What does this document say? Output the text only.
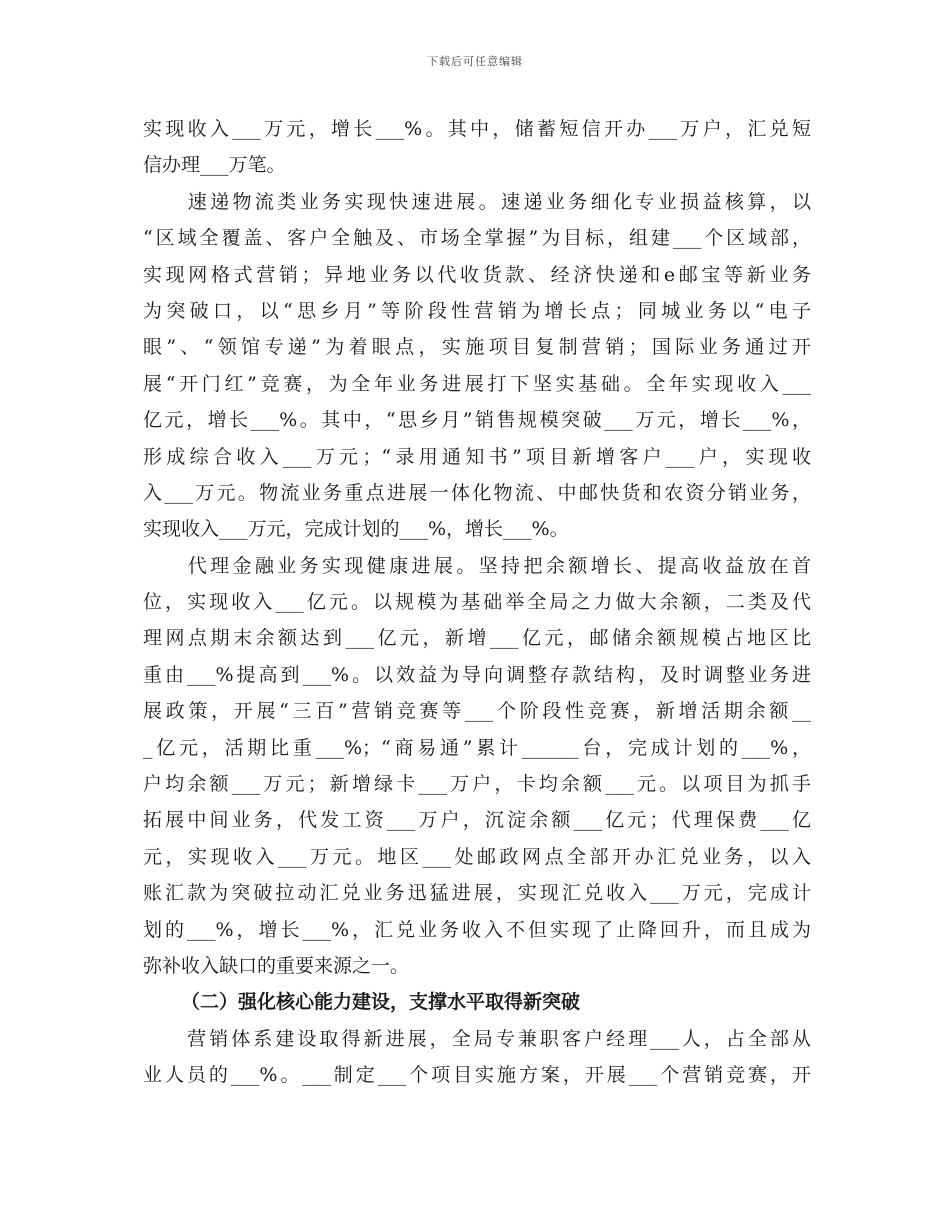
下载后可任意编辑
实现收入___万元，增长___%。其中，储蓄短信开办___万户，汇兑短
信办理___万笔。
　　速递物流类业务实现快速进展。速递业务细化专业损益核算，以
“区域全覆盖、客户全触及、市场全掌握”为目标，组建___个区域部，
实现网格式营销；异地业务以代收货款、经济快递和e邮宝等新业务
为突破口，以“思乡月”等阶段性营销为增长点；同城业务以“电子
眼”、“领馆专递”为着眼点，实施项目复制营销；国际业务通过开
展“开门红”竞赛，为全年业务进展打下坚实基础。全年实现收入___
亿元，增长___%。其中，“思乡月”销售规模突破___万元，增长___%，
形成综合收入___万元；“录用通知书”项目新增客户___户，实现收
入___万元。物流业务重点进展一体化物流、中邮快货和农资分销业务，
实现收入___万元，完成计划的___%，增长___%。
　　代理金融业务实现健康进展。坚持把余额增长、提高收益放在首
位，实现收入___亿元。以规模为基础举全局之力做大余额，二类及代
理网点期末余额达到___亿元，新增___亿元，邮储余额规模占地区比
重由___%提高到___%。以效益为导向调整存款结构，及时调整业务进
展政策，开展“三百”营销竞赛等___个阶段性竞赛，新增活期余额__
_亿元，活期比重___%；“商易通”累计______台，完成计划的___%，
户均余额___万元；新增绿卡___万户，卡均余额___元。以项目为抓手
拓展中间业务，代发工资___万户，沉淀余额___亿元；代理保费___亿
元，实现收入___万元。地区___处邮政网点全部开办汇兑业务，以入
账汇款为突破拉动汇兑业务迅猛进展，实现汇兑收入___万元，完成计
划的___%，增长___%，汇兑业务收入不但实现了止降回升，而且成为
弥补收入缺口的重要来源之一。
（二）强化核心能力建设，支撑水平取得新突破
　　营销体系建设取得新进展，全局专兼职客户经理___人，占全部从
业人员的___%。___制定___个项目实施方案，开展___个营销竞赛，开
